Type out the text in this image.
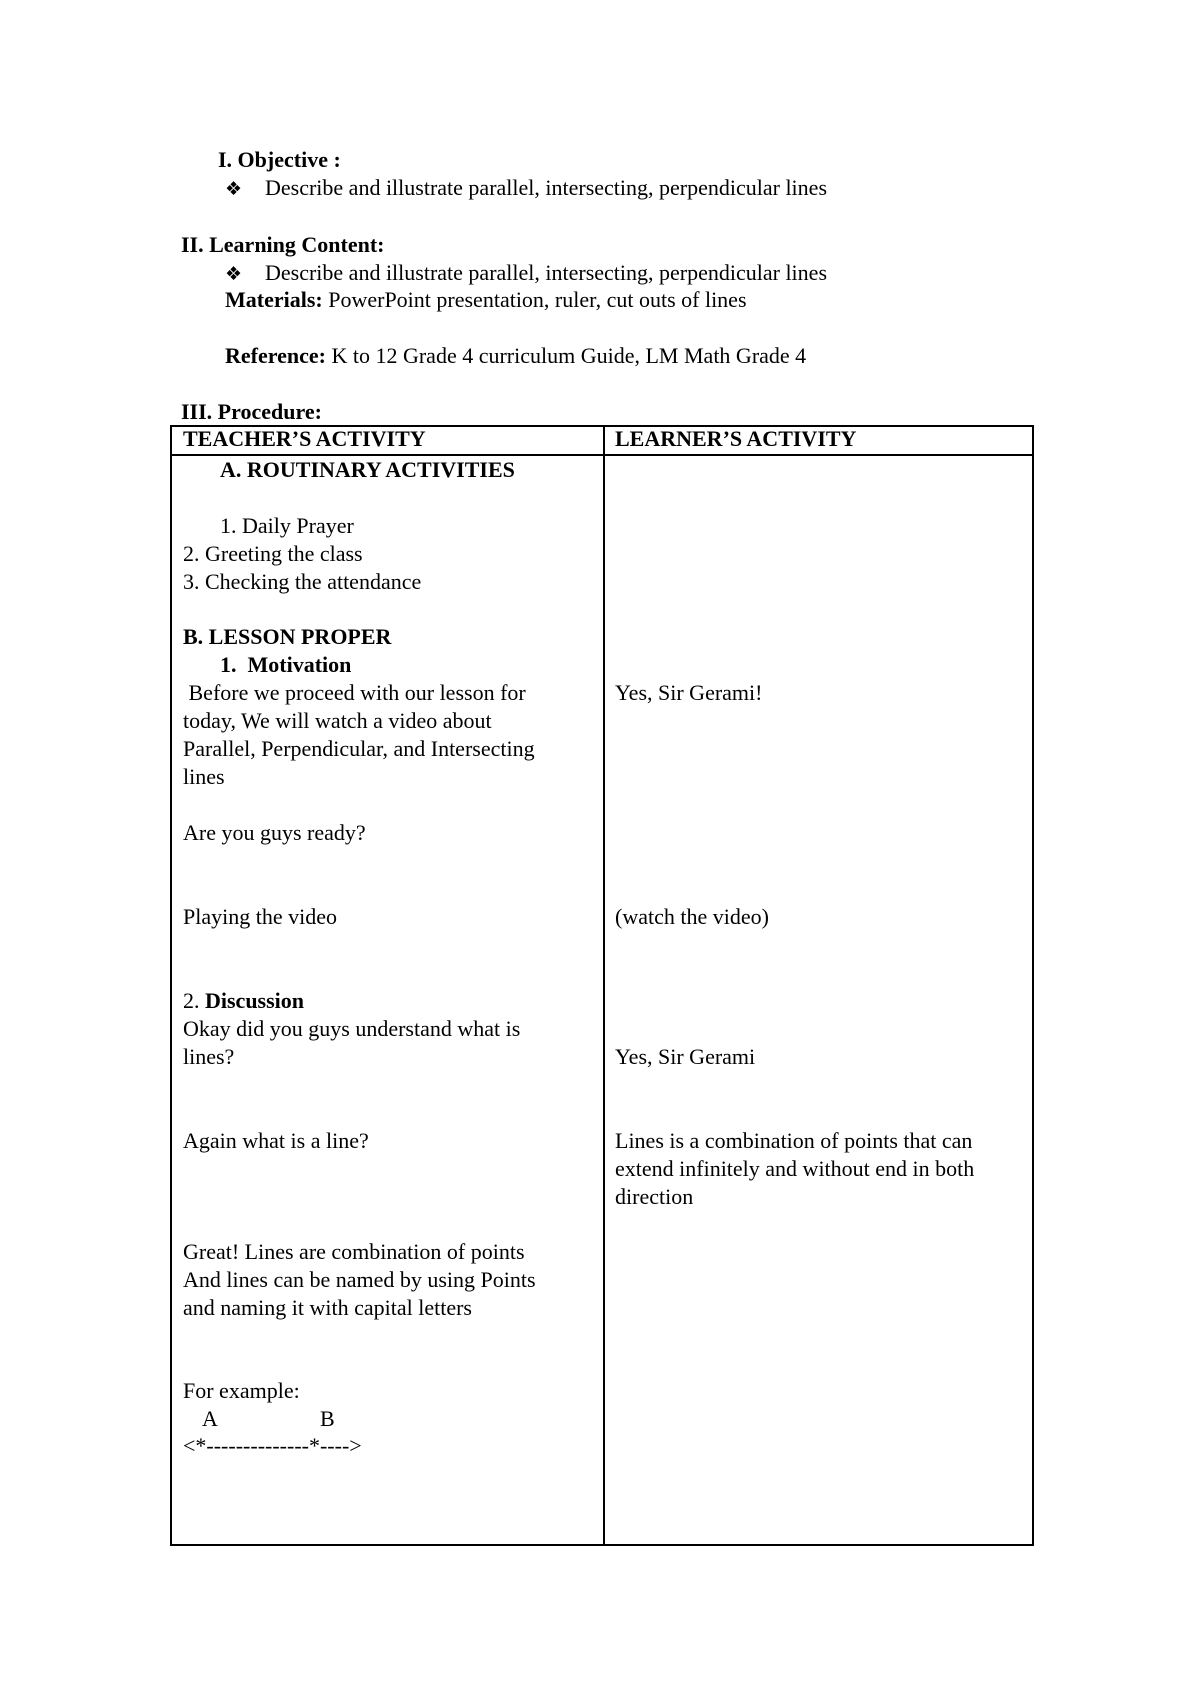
I. Objective :
❖ Describe and illustrate parallel, intersecting, perpendicular lines
II. Learning Content:
❖ Describe and illustrate parallel, intersecting, perpendicular lines
Materials: PowerPoint presentation, ruler, cut outs of lines
Reference: K to 12 Grade 4 curriculum Guide, LM Math Grade 4
III. Procedure:
TEACHER’S ACTIVITY	LEARNER’S ACTIVITY
A. ROUTINARY ACTIVITIES
1. Daily Prayer
2. Greeting the class
3. Checking the attendance
B. LESSON PROPER
1.  Motivation
Before we proceed with our lesson for
today, We will watch a video about
Parallel, Perpendicular, and Intersecting
lines
Are you guys ready?
Playing the video
2. Discussion
Okay did you guys understand what is
lines?
Again what is a line?
Great! Lines are combination of points
And lines can be named by using Points
and naming it with capital letters
For example:
A	B
<*--------------*---->
Yes, Sir Gerami!
(watch the video)
Yes, Sir Gerami
Lines is a combination of points that can
extend infinitely and without end in both
direction
